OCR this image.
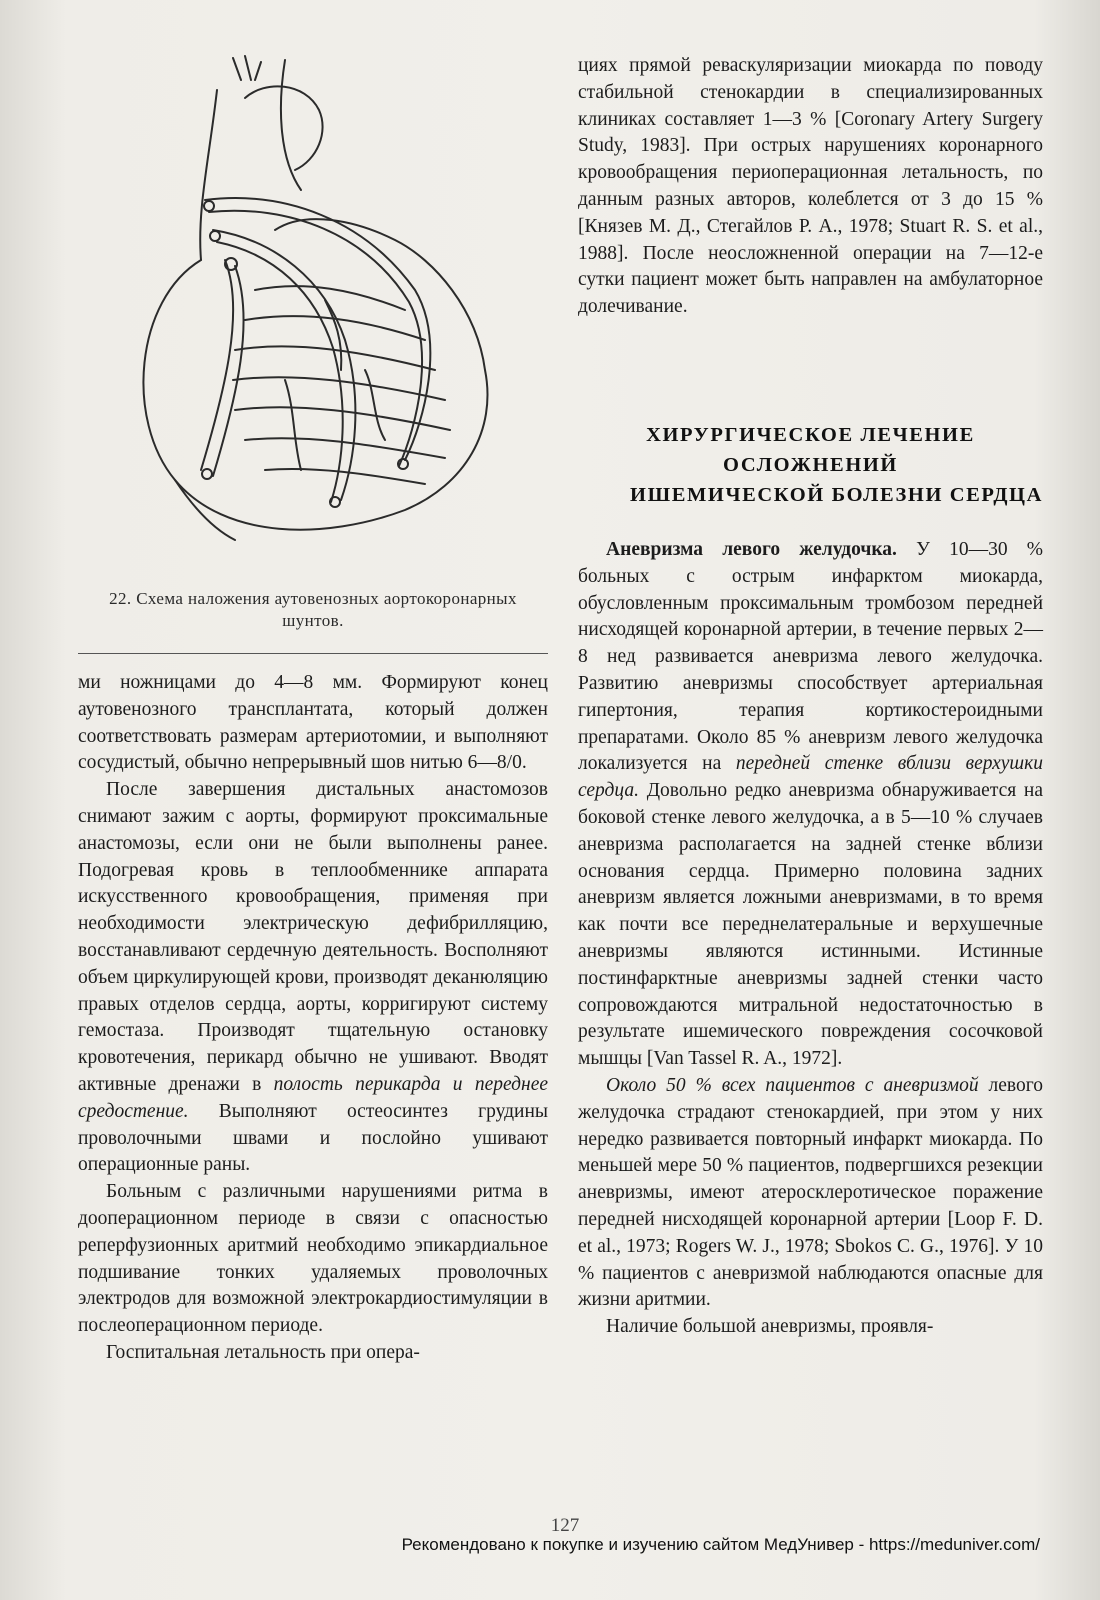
22. Схема наложения аутовенозных аортокоронарных шунтов.

ми ножницами до 4—8 мм. Формируют конец аутовенозного трансплантата, который должен соответствовать размерам артериотомии, и выполняют сосудистый, обычно непрерывный шов нитью 6—8/0.

После завершения дистальных анастомозов снимают зажим с аорты, формируют проксимальные анастомозы, если они не были выполнены ранее. Подогревая кровь в теплообменнике аппарата искусственного кровообращения, применяя при необходимости электрическую дефибрилляцию, восстанавливают сердечную деятельность. Восполняют объем циркулирующей крови, производят деканюляцию правых отделов сердца, аорты, корригируют систему гемостаза. Производят тщательную остановку кровотечения, перикард обычно не ушивают. Вводят активные дренажи в полость перикарда и переднее средостение. Выполняют остеосинтез грудины проволочными швами и послойно ушивают операционные раны.

Больным с различными нарушениями ритма в дооперационном периоде в связи с опасностью реперфузионных аритмий необходимо эпикардиальное подшивание тонких удаляемых проволочных электродов для возможной электрокардиостимуляции в послеоперационном периоде.

Госпитальная летальность при опера-

циях прямой реваскуляризации миокарда по поводу стабильной стенокардии в специализированных клиниках составляет 1—3 % [Coronary Artery Surgery Study, 1983]. При острых нарушениях коронарного кровообращения периоперационная летальность, по данным разных авторов, колеблется от 3 до 15 % [Князев М. Д., Стегайлов Р. А., 1978; Stuart R. S. et al., 1988]. После неосложненной операции на 7—12-е сутки пациент может быть направлен на амбулаторное долечивание.

ХИРУРГИЧЕСКОЕ ЛЕЧЕНИЕ
ОСЛОЖНЕНИЙ
ИШЕМИЧЕСКОЙ БОЛЕЗНИ СЕРДЦА

Аневризма левого желудочка. У 10—30 % больных с острым инфарктом миокарда, обусловленным проксимальным тромбозом передней нисходящей коронарной артерии, в течение первых 2—8 нед развивается аневризма левого желудочка. Развитию аневризмы способствует артериальная гипертония, терапия кортикостероидными препаратами. Около 85 % аневризм левого желудочка локализуется на передней стенке вблизи верхушки сердца. Довольно редко аневризма обнаруживается на боковой стенке левого желудочка, а в 5—10 % случаев аневризма располагается на задней стенке вблизи основания сердца. Примерно половина задних аневризм является ложными аневризмами, в то время как почти все переднелатеральные и верхушечные аневризмы являются истинными. Истинные постинфарктные аневризмы задней стенки часто сопровождаются митральной недостаточностью в результате ишемического повреждения сосочковой мышцы [Van Tassel R. A., 1972].

Около 50 % всех пациентов с аневризмой левого желудочка страдают стенокардией, при этом у них нередко развивается повторный инфаркт миокарда. По меньшей мере 50 % пациентов, подвергшихся резекции аневризмы, имеют атеросклеротическое поражение передней нисходящей коронарной артерии [Loop F. D. et al., 1973; Rogers W. J., 1978; Sbokos C. G., 1976]. У 10 % пациентов с аневризмой наблюдаются опасные для жизни аритмии.

Наличие большой аневризмы, проявля-

127
Рекомендовано к покупке и изучению сайтом МедУнивер - https://meduniver.com/
